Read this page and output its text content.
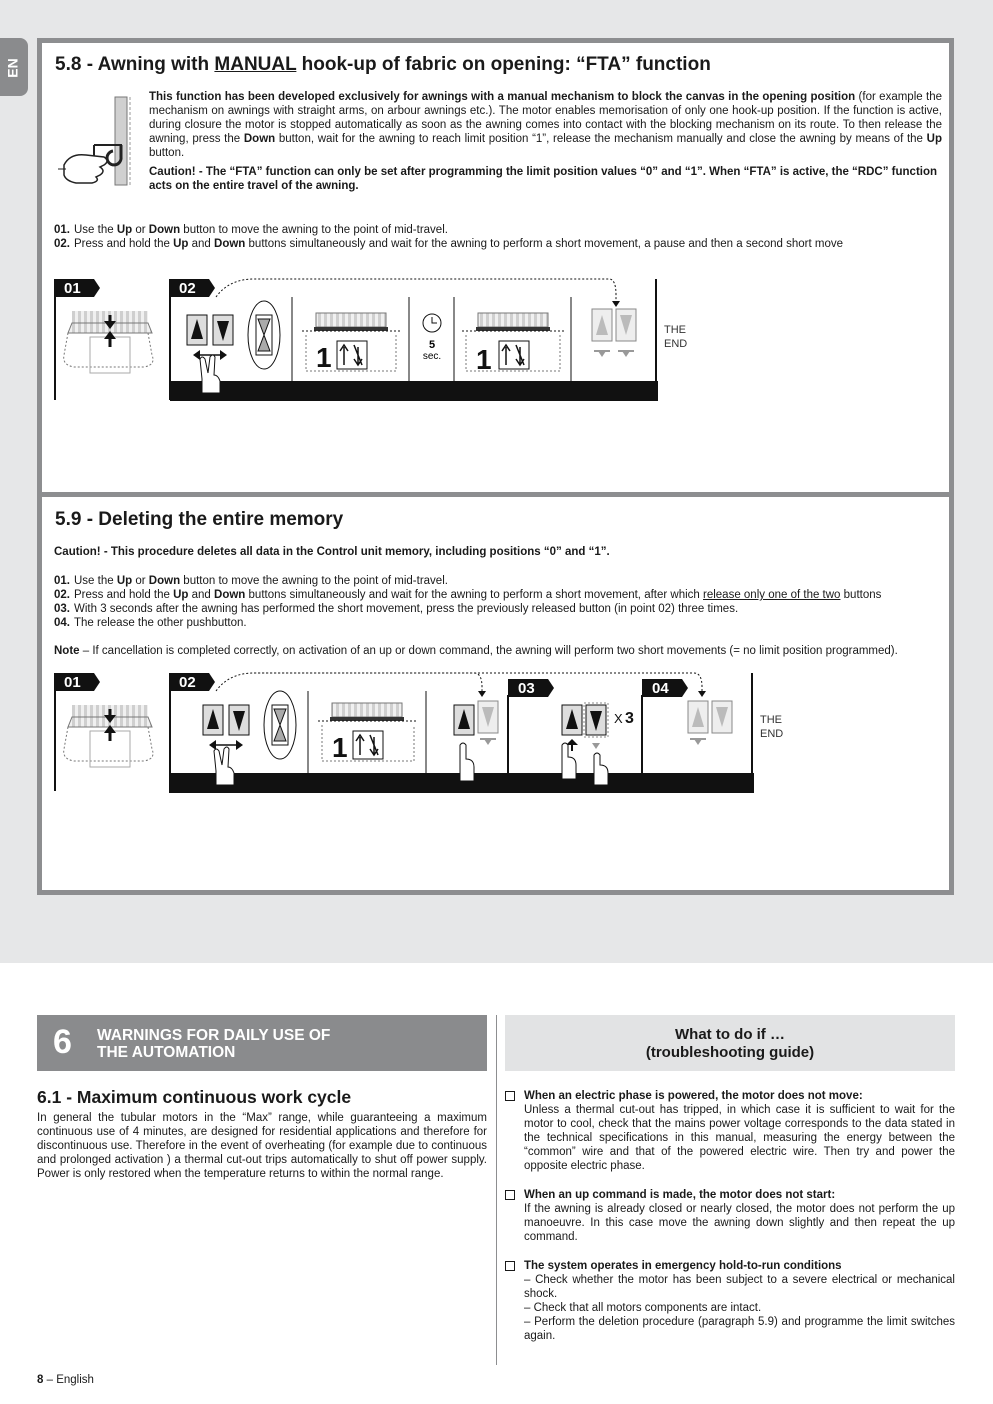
EN 5.8 - Awning with MANUAL hook-up of fabric on opening: “FTA” function

This function has been developed exclusively for awnings with a manual mechanism to block the canvas in the opening position (for example the mechanism on awnings with straight arms, on arbour awnings etc.). The motor enables memorisation of only one hook-up position. If the function is active, during closure the motor is stopped automatically as soon as the awning comes into contact with the blocking mechanism on its route. To then release the awning, press the Down button, wait for the awning to reach limit position “1”, release the mechanism manually and close the awning by means of the Up button.

Caution! - The “FTA” function can only be set after programming the limit position values “0” and “1”. When “FTA” is active, the “RDC” function acts on the entire travel of the awning.

01. Use the Up or Down button to move the awning to the point of mid-travel.
02. Press and hold the Up and Down buttons simultaneously and wait for the awning to perform a short movement, a pause and then a second short move
01	02
1	5
sec. 1
THE
END
5.9 - Deleting the entire memory

Caution! - This procedure deletes all data in the Control unit memory, including positions “0” and “1”.

01. Use the Up or Down button to move the awning to the point of mid-travel.
02. Press and hold the Up and Down buttons simultaneously and wait for the awning to perform a short movement, after which release only one of the two buttons
03. With 3 seconds after the awning has performed the short movement, press the previously released button (in point 02) three times.
04. The release the other pushbutton.

Note – If cancellation is completed correctly, on activation of an up or down command, the awning will perform two short movements (= no limit position programmed).

01	02	03	04
1
X 3	THE
END
6 WARNINGS FOR DAILY USE OF
THE AUTOMATION
6.1 - Maximum continuous work cycle

In general the tubular motors in the “Max” range, while guaranteeing a maximum continuous use of 4 minutes, are designed for residential applications and therefore for discontinuous use. Therefore in the event of overheating (for example due to continuous and prolonged activation ) a thermal cut-out trips automatically to shut off power supply. Power is only restored when the temperature returns to within the normal range.

What to do if …
(troubleshooting guide)
When an electric phase is powered, the motor does not move:
Unless a thermal cut-out has tripped, in which case it is sufficient to wait for the motor to cool, check that the mains power voltage corresponds to the data stated in the technical specifications in this manual, measuring the energy between the “common” wire and that of the powered electric wire. Then try and power the opposite electric phase.
When an up command is made, the motor does not start:
If the awning is already closed or nearly closed, the motor does not perform the up manoeuvre. In this case move the awning down slightly and then repeat the up command.
The system operates in emergency hold-to-run conditions
– Check whether the motor has been subject to a severe electrical or mechanical shock.
– Check that all motors components are intact.
– Perform the deletion procedure (paragraph 5.9) and programme the limit switches again.
8 – English
